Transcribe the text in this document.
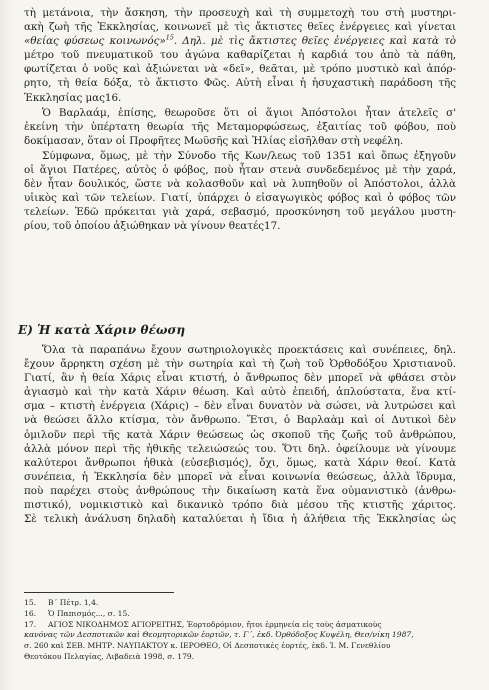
τὴ μετάνοια, τὴν ἄσκηση, τὴν προσευχὴ καὶ τὴ συμμετοχὴ του στὴ μυστηρι-
ακὴ ζωὴ τῆς Ἐκκλησίας, κοινωνεῖ μὲ τὶς ἄκτιστες θεῖες ἐνέργειες καὶ γίνεται
«θείας φύσεως κοινωνός»$^{15}$. Δηλ. μὲ τὶς ἄκτιστες θεῖες ἐνέργειες καὶ κατὰ τὸ
μέτρο τοῦ πνευματικοῦ του ἀγώνα καθαρίζεται ἡ καρδιά του ἀπὸ τὰ πάθη,
φωτίζεται ὁ νοῦς καὶ ἀξιώνεται νὰ «δεῖ», θεᾶται, μὲ τρόπο μυστικὸ καὶ ἀπόρ-
ρητο, τὴ θεία δόξα, τὸ ἄκτιστο Φῶς. Αὐτὴ εἶναι ἡ ἡσυχαστικὴ παράδοση τῆς
Ἐκκλησίας μας16.
Ὁ Βαρλαάμ, ἐπίσης, θεωροῦσε ὅτι οἱ ἅγιοι Ἀπόστολοι ἦταν ἀτελεῖς σ'
ἐκείνη τὴν ὑπέρτατη θεωρία τῆς Μεταμορφώσεως, ἐξαιτίας τοῦ φόβου, ποὺ
δοκίμασαν, ὅταν οἱ Προφῆτες Μωϋσῆς καὶ Ἠλίας εἰσῆλθαν στὴ νεφέλη.
Σύμφωνα, ὅμως, μὲ τὴν Σύνοδο τῆς Κων/λεως τοῦ 1351 καὶ ὅπως ἐξηγοῦν
οἱ ἅγιοι Πατέρες, αὐτὸς ὁ φόβος, ποὺ ἦταν στενὰ συνδεδεμένος μὲ τὴν χαρά,
δὲν ἦταν δουλικός, ὥστε νὰ κολασθοῦν καὶ νὰ λυπηθοῦν οἱ Ἀπόστολοι, ἀλλὰ
υἱικὸς καὶ τῶν τελείων. Γιατί, ὑπάρχει ὁ εἰσαγωγικὸς φόβος καὶ ὁ φόβος τῶν
τελείων. Ἐδῶ πρόκειται γιὰ χαρά, σεβασμό, προσκύνηση τοῦ μεγάλου μυστη-
ρίου, τοῦ ὁποίου ἀξιώθηκαν νὰ γίνουν θεατές17.
Ε) Ἡ κατὰ Χάριν θέωση
Ὅλα τὰ παραπάνω ἔχουν σωτηριολογικὲς προεκτάσεις καὶ συνέπειες, δηλ.
ἔχουν ἄρρηκτη σχέση μὲ τὴν σωτηρία καὶ τὴ ζωὴ τοῦ Ὀρθοδόξου Χριστιανοῦ.
Γιατί, ἂν ἡ θεία Χάρις εἶναι κτιστή, ὁ ἄνθρωπος δὲν μπορεῖ νὰ φθάσει στὸν
ἁγιασμὸ καὶ τὴν κατὰ Χάριν θέωση. Καὶ αὐτὸ ἐπειδή, ἁπλούστατα, ἕνα κτί-
σμα – κτιστὴ ἐνέργεια (Χάρις) – δὲν εἶναι δυνατὸν νὰ σώσει, νὰ λυτρώσει καὶ
νὰ θεώσει ἄλλο κτίσμα, τὸν ἄνθρωπο. Ἔτσι, ὁ Βαρλαὰμ καὶ οἱ Δυτικοὶ δὲν
ὁμιλοῦν περὶ τῆς κατὰ Χάριν θεώσεως ὡς σκοποῦ τῆς ζωῆς τοῦ ἀνθρώπου,
ἀλλὰ μόνον περὶ τῆς ἠθικῆς τελειώσεώς του. Ὅτι δηλ. ὀφείλουμε νὰ γίνουμε
καλύτεροι ἄνθρωποι ἠθικὰ (εὐσεβισμός), ὄχι, ὅμως, κατὰ Χάριν θεοί. Κατὰ
συνέπεια, ἡ Ἐκκλησία δὲν μπορεῖ νὰ εἶναι κοινωνία θεώσεως, ἀλλὰ ἵδρυμα,
ποὺ παρέχει στοὺς ἀνθρώπους τὴν δικαίωση κατὰ ἕνα οὐμανιστικὸ (ἀνθρω-
πιστικό), νομικιστικὸ καὶ δικανικὸ τρόπο διὰ μέσου τῆς κτιστῆς χάριτος.
Σὲ τελικὴ ἀνάλυση δηλαδὴ καταλύεται ἡ ἴδια ἡ ἀλήθεια τῆς Ἐκκλησίας ὡς
15. Β΄ Πέτρ. 1,4.
16. Ὁ Παπισμός..., σ. 15.
17. ΑΓΙΟΣ ΝΙΚΟΔΗΜΟΣ ΑΓΙΟΡΕΙΤΗΣ, Ἑορτοδρόμιον, ἤτοι ἑρμηνεία εἰς τοὺς ἀσματικοὺς
κανόνας τῶν Δεσποτικῶν καὶ Θεομητορικῶν ἑορτῶν, τ. Γ΄, ἐκδ. Ὀρθόδοξος Κυψέλη, Θεσ/νίκη 1987,
σ. 260 καὶ ΣΕΒ. ΜΗΤΡ. ΝΑΥΠΑΚΤΟΥ κ. ΙΕΡΟΘΕΟ, Οἱ Δεσποτικὲς ἑορτές, ἐκδ. Ἱ. Μ. Γενεθλίου
Θεοτόκου Πελαγίας, Λιβαδειὰ 1998, σ. 179.
